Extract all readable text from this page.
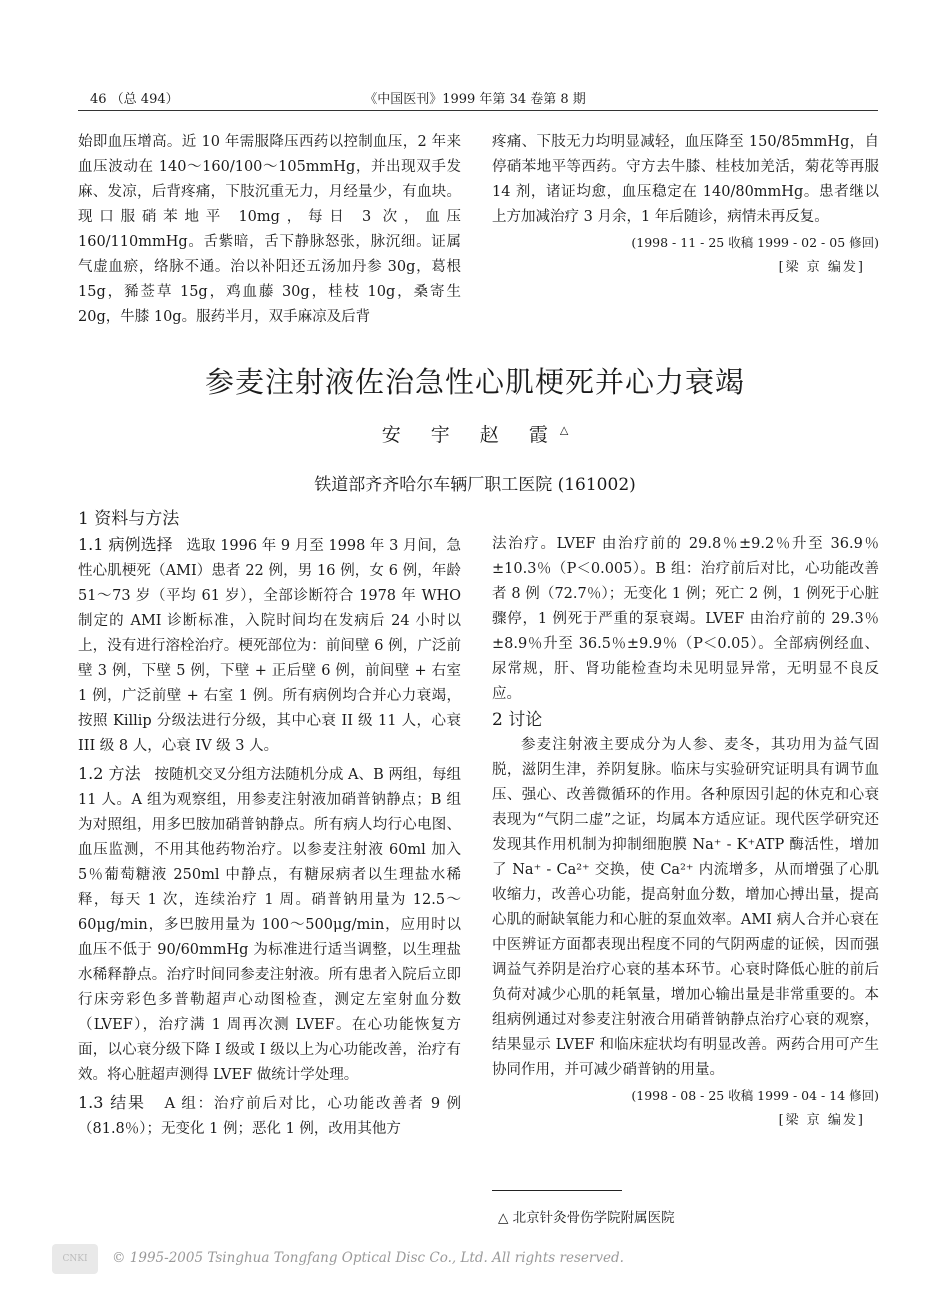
46 （总 494）	《中国医刊》1999 年第 34 卷第 8 期

始即血压增高。近 10 年需服降压西药以控制血压，2 年来血压波动在 140～160/100～105mmHg，并出现双手发麻、发凉，后背疼痛，下肢沉重无力，月经量少，有血块。现口服硝苯地平 10mg，每日 3 次，血压 160/110mmHg。舌紫暗，舌下静脉怒张，脉沉细。证属气虚血瘀，络脉不通。治以补阳还五汤加丹参 30g，葛根 15g，豨莶草 15g，鸡血藤 30g，桂枝 10g，桑寄生 20g，牛膝 10g。服药半月，双手麻凉及后背

疼痛、下肢无力均明显减轻，血压降至 150/85mmHg，自停硝苯地平等西药。守方去牛膝、桂枝加羌活，菊花等再服 14 剂，诸证均愈，血压稳定在 140/80mmHg。患者继以上方加减治疗 3 月余，1 年后随诊，病情未再反复。

(1998 - 11 - 25 收稿 1999 - 02 - 05 修回)

[梁 京 编发]

参麦注射液佐治急性心肌梗死并心力衰竭
安 宇 赵 霞△
铁道部齐齐哈尔车辆厂职工医院 (161002)

1 资料与方法

1.1 病例选择 选取 1996 年 9 月至 1998 年 3 月间，急性心肌梗死（AMI）患者 22 例，男 16 例，女 6 例，年龄 51～73 岁（平均 61 岁），全部诊断符合 1978 年 WHO 制定的 AMI 诊断标准，入院时间均在发病后 24 小时以上，没有进行溶栓治疗。梗死部位为：前间壁 6 例，广泛前壁 3 例，下壁 5 例，下壁 + 正后壁 6 例，前间壁 + 右室 1 例，广泛前壁 + 右室 1 例。所有病例均合并心力衰竭，按照 Killip 分级法进行分级，其中心衰 II 级 11 人，心衰 III 级 8 人，心衰 IV 级 3 人。

1.2 方法 按随机交叉分组方法随机分成 A、B 两组，每组 11 人。A 组为观察组，用参麦注射液加硝普钠静点；B 组为对照组，用多巴胺加硝普钠静点。所有病人均行心电图、血压监测，不用其他药物治疗。以参麦注射液 60ml 加入 5％葡萄糖液 250ml 中静点，有糖尿病者以生理盐水稀释，每天 1 次，连续治疗 1 周。硝普钠用量为 12.5～60μg/min，多巴胺用量为 100～500μg/min，应用时以血压不低于 90/60mmHg 为标准进行适当调整，以生理盐水稀释静点。治疗时间同参麦注射液。所有患者入院后立即行床旁彩色多普勒超声心动图检查，测定左室射血分数（LVEF），治疗满 1 周再次测 LVEF。在心功能恢复方面，以心衰分级下降 I 级或 I 级以上为心功能改善，治疗有效。将心脏超声测得 LVEF 做统计学处理。

1.3 结果 A 组：治疗前后对比，心功能改善者 9 例（81.8％）；无变化 1 例；恶化 1 例，改用其他方

法治疗。LVEF 由治疗前的 29.8％±9.2％升至 36.9％±10.3％（P＜0.005）。B 组：治疗前后对比，心功能改善者 8 例（72.7％）；无变化 1 例；死亡 2 例，1 例死于心脏骤停，1 例死于严重的泵衰竭。LVEF 由治疗前的 29.3％±8.9％升至 36.5％±9.9％（P＜0.05）。全部病例经血、尿常规，肝、肾功能检查均未见明显异常，无明显不良反应。

2 讨论

参麦注射液主要成分为人参、麦冬，其功用为益气固脱，滋阴生津，养阴复脉。临床与实验研究证明具有调节血压、强心、改善微循环的作用。各种原因引起的休克和心衰表现为“气阴二虚”之证，均属本方适应证。现代医学研究还发现其作用机制为抑制细胞膜 Na⁺ - K⁺ATP 酶活性，增加了 Na⁺ - Ca²⁺ 交换，使 Ca²⁺ 内流增多，从而增强了心肌收缩力，改善心功能，提高射血分数，增加心搏出量，提高心肌的耐缺氧能力和心脏的泵血效率。AMI 病人合并心衰在中医辨证方面都表现出程度不同的气阴两虚的证候，因而强调益气养阴是治疗心衰的基本环节。心衰时降低心脏的前后负荷对减少心肌的耗氧量，增加心输出量是非常重要的。本组病例通过对参麦注射液合用硝普钠静点治疗心衰的观察，结果显示 LVEF 和临床症状均有明显改善。两药合用可产生协同作用，并可减少硝普钠的用量。

(1998 - 08 - 25 收稿 1999 - 04 - 14 修回)

[梁 京 编发]

△ 北京针灸骨伤学院附属医院
CNKI	© 1995-2005 Tsinghua Tongfang Optical Disc Co., Ltd. All rights reserved.
